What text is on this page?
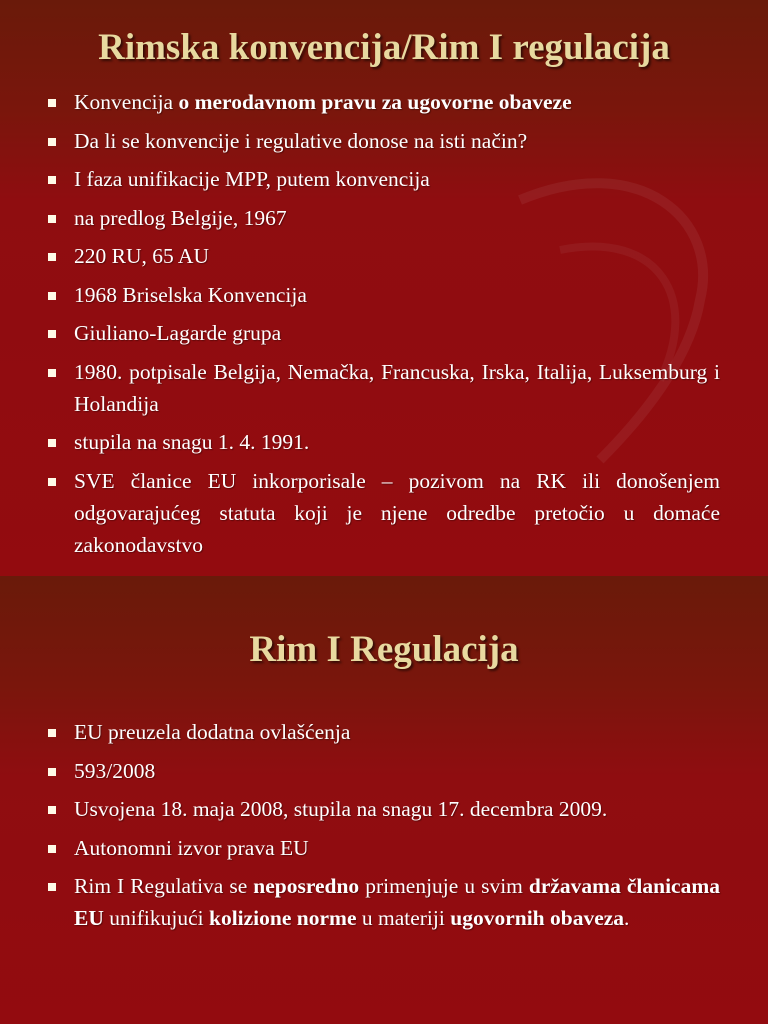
Rimska konvencija/Rim I regulacija
Konvencija o merodavnom pravu za ugovorne obaveze
Da li se konvencije i regulative donose na isti način?
I faza unifikacije MPP, putem konvencija
na predlog Belgije, 1967
220 RU, 65 AU
1968 Briselska Konvencija
Giuliano-Lagarde grupa
1980. potpisale Belgija, Nemačka, Francuska, Irska, Italija, Luksemburg i Holandija
stupila na snagu 1. 4. 1991.
SVE članice EU inkorporisale – pozivom na RK ili donošenjem odgovarajućeg statuta koji je njene odredbe pretočio u domaće zakonodavstvo
Rim I Regulacija
EU preuzela dodatna ovlašćenja
593/2008
Usvojena 18. maja 2008, stupila na snagu 17. decembra 2009.
Autonomni izvor prava EU
Rim I Regulativa se neposredno primenjuje u svim državama članicama EU unifikujući kolizione norme u materiji ugovornih obaveza.
